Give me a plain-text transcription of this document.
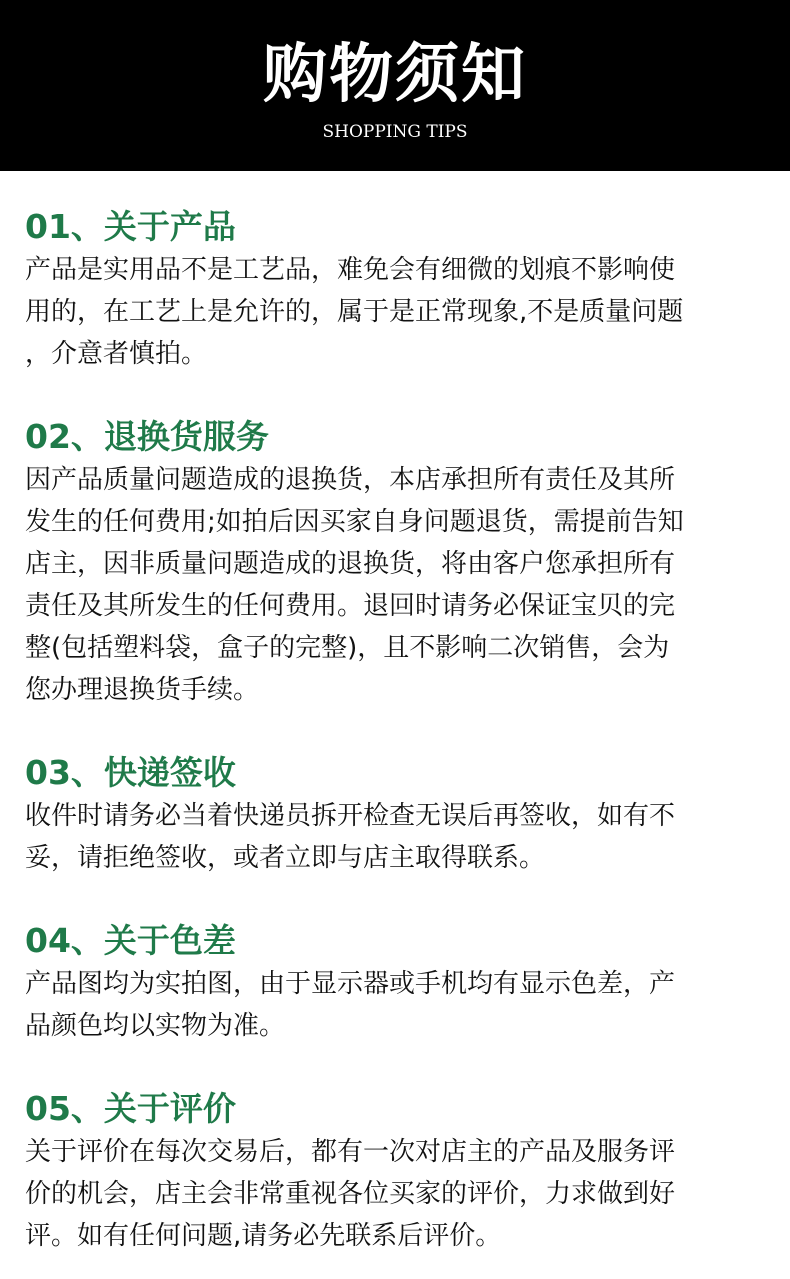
购物须知
SHOPPING TIPS
01、关于产品
产品是实用品不是工艺品，难免会有细微的划痕不影响使
用的，在工艺上是允许的，属于是正常现象,不是质量问题
，介意者慎拍。
02、退换货服务
因产品质量问题造成的退换货，本店承担所有责任及其所
发生的任何费用;如拍后因买家自身问题退货，需提前告知
店主，因非质量问题造成的退换货，将由客户您承担所有
责任及其所发生的任何费用。退回时请务必保证宝贝的完
整(包括塑料袋，盒子的完整)，且不影响二次销售，会为
您办理退换货手续。
03、快递签收
收件时请务必当着快递员拆开检查无误后再签收，如有不
妥，请拒绝签收，或者立即与店主取得联系。
04、关于色差
产品图均为实拍图，由于显示器或手机均有显示色差，产
品颜色均以实物为准。
05、关于评价
关于评价在每次交易后，都有一次对店主的产品及服务评
价的机会，店主会非常重视各位买家的评价，力求做到好
评。如有任何问题,请务必先联系后评价。
